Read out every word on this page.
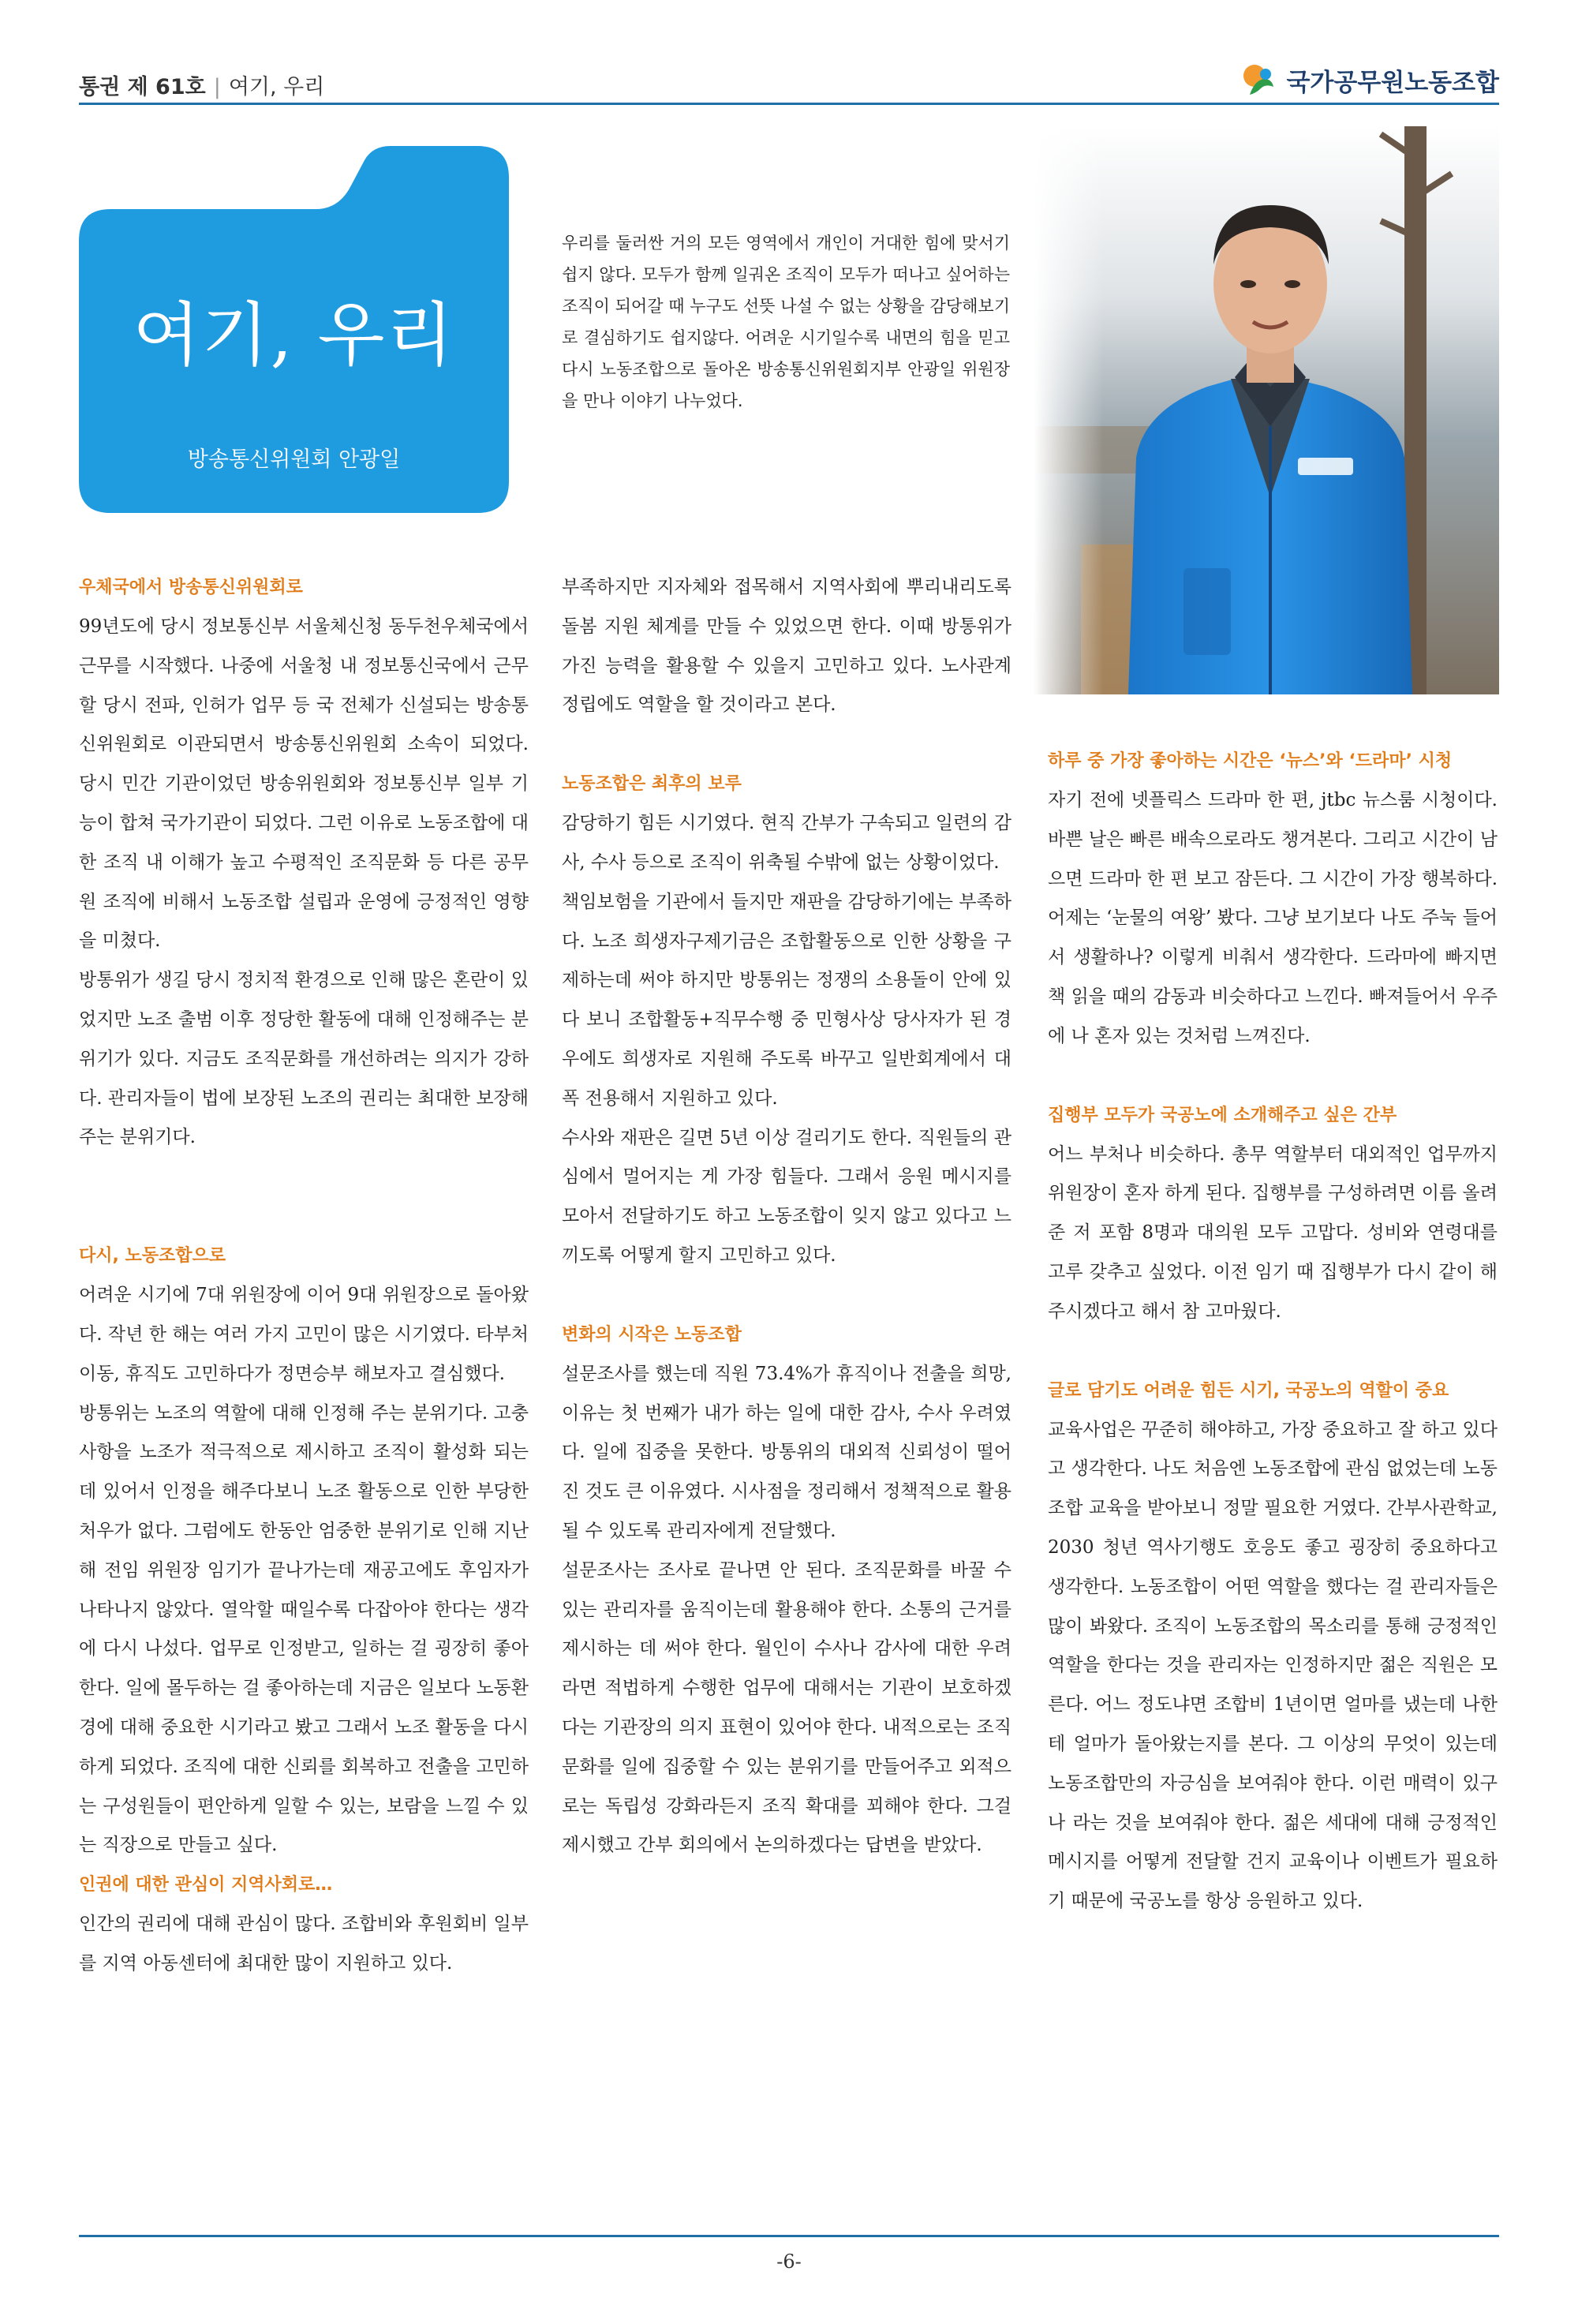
통권 제 61호 | 여기, 우리	국가공무원노동조합
여기, 우리
방송통신위원회 안광일
우리를 둘러싼 거의 모든 영역에서 개인이 거대한 힘에 맞서기 쉽지 않다. 모두가 함께 일궈온 조직이 모두가 떠나고 싶어하는 조직이 되어갈 때 누구도 선뜻 나설 수 없는 상황을 감당해보기로 결심하기도 쉽지않다. 어려운 시기일수록 내면의 힘을 믿고 다시 노동조합으로 돌아온 방송통신위원회지부 안광일 위원장을 만나 이야기 나누었다.
우체국에서 방송통신위원회로

99년도에 당시 정보통신부 서울체신청 동두천우체국에서 근무를 시작했다. 나중에 서울청 내 정보통신국에서 근무할 당시 전파, 인허가 업무 등 국 전체가 신설되는 방송통신위원회로 이관되면서 방송통신위원회 소속이 되었다. 당시 민간 기관이었던 방송위원회와 정보통신부 일부 기능이 합쳐 국가기관이 되었다. 그런 이유로 노동조합에 대한 조직 내 이해가 높고 수평적인 조직문화 등 다른 공무원 조직에 비해서 노동조합 설립과 운영에 긍정적인 영향을 미쳤다.

방통위가 생길 당시 정치적 환경으로 인해 많은 혼란이 있었지만 노조 출범 이후 정당한 활동에 대해 인정해주는 분위기가 있다. 지금도 조직문화를 개선하려는 의지가 강하다. 관리자들이 법에 보장된 노조의 권리는 최대한 보장해주는 분위기다.

다시, 노동조합으로

어려운 시기에 7대 위원장에 이어 9대 위원장으로 돌아왔다. 작년 한 해는 여러 가지 고민이 많은 시기였다. 타부처 이동, 휴직도 고민하다가 정면승부 해보자고 결심했다.

방통위는 노조의 역할에 대해 인정해 주는 분위기다. 고충사항을 노조가 적극적으로 제시하고 조직이 활성화 되는 데 있어서 인정을 해주다보니 노조 활동으로 인한 부당한 처우가 없다. 그럼에도 한동안 엄중한 분위기로 인해 지난해 전임 위원장 임기가 끝나가는데 재공고에도 후임자가 나타나지 않았다. 열악할 때일수록 다잡아야 한다는 생각에 다시 나섰다. 업무로 인정받고, 일하는 걸 굉장히 좋아한다. 일에 몰두하는 걸 좋아하는데 지금은 일보다 노동환경에 대해 중요한 시기라고 봤고 그래서 노조 활동을 다시 하게 되었다. 조직에 대한 신뢰를 회복하고 전출을 고민하는 구성원들이 편안하게 일할 수 있는, 보람을 느낄 수 있는 직장으로 만들고 싶다.

인권에 대한 관심이 지역사회로…

인간의 권리에 대해 관심이 많다. 조합비와 후원회비 일부를 지역 아동센터에 최대한 많이 지원하고 있다.

부족하지만 지자체와 접목해서 지역사회에 뿌리내리도록 돌봄 지원 체계를 만들 수 있었으면 한다. 이때 방통위가 가진 능력을 활용할 수 있을지 고민하고 있다. 노사관계 정립에도 역할을 할 것이라고 본다.

노동조합은 최후의 보루

감당하기 힘든 시기였다. 현직 간부가 구속되고 일련의 감사, 수사 등으로 조직이 위축될 수밖에 없는 상황이었다.

책임보험을 기관에서 들지만 재판을 감당하기에는 부족하다. 노조 희생자구제기금은 조합활동으로 인한 상황을 구제하는데 써야 하지만 방통위는 정쟁의 소용돌이 안에 있다 보니 조합활동+직무수행 중 민형사상 당사자가 된 경우에도 희생자로 지원해 주도록 바꾸고 일반회계에서 대폭 전용해서 지원하고 있다.

수사와 재판은 길면 5년 이상 걸리기도 한다. 직원들의 관심에서 멀어지는 게 가장 힘들다. 그래서 응원 메시지를 모아서 전달하기도 하고 노동조합이 잊지 않고 있다고 느끼도록 어떻게 할지 고민하고 있다.

변화의 시작은 노동조합

설문조사를 했는데 직원 73.4%가 휴직이나 전출을 희망, 이유는 첫 번째가 내가 하는 일에 대한 감사, 수사 우려였다. 일에 집중을 못한다. 방통위의 대외적 신뢰성이 떨어진 것도 큰 이유였다. 시사점을 정리해서 정책적으로 활용될 수 있도록 관리자에게 전달했다.

설문조사는 조사로 끝나면 안 된다. 조직문화를 바꿀 수 있는 관리자를 움직이는데 활용해야 한다. 소통의 근거를 제시하는 데 써야 한다. 월인이 수사나 감사에 대한 우려라면 적법하게 수행한 업무에 대해서는 기관이 보호하겠다는 기관장의 의지 표현이 있어야 한다. 내적으로는 조직문화를 일에 집중할 수 있는 분위기를 만들어주고 외적으로는 독립성 강화라든지 조직 확대를 꾀해야 한다. 그걸 제시했고 간부 회의에서 논의하겠다는 답변을 받았다.

하루 중 가장 좋아하는 시간은 ‘뉴스’와 ‘드라마’ 시청

자기 전에 넷플릭스 드라마 한 편, jtbc 뉴스룸 시청이다. 바쁜 날은 빠른 배속으로라도 챙겨본다. 그리고 시간이 남으면 드라마 한 편 보고 잠든다. 그 시간이 가장 행복하다. 어제는 ‘눈물의 여왕’ 봤다. 그냥 보기보다 나도 주눅 들어서 생활하나? 이렇게 비춰서 생각한다. 드라마에 빠지면 책 읽을 때의 감동과 비슷하다고 느낀다. 빠져들어서 우주에 나 혼자 있는 것처럼 느껴진다.

집행부 모두가 국공노에 소개해주고 싶은 간부

어느 부처나 비슷하다. 총무 역할부터 대외적인 업무까지 위원장이 혼자 하게 된다. 집행부를 구성하려면 이름 올려준 저 포함 8명과 대의원 모두 고맙다. 성비와 연령대를 고루 갖추고 싶었다. 이전 임기 때 집행부가 다시 같이 해주시겠다고 해서 참 고마웠다.

글로 담기도 어려운 힘든 시기, 국공노의 역할이 중요

교육사업은 꾸준히 해야하고, 가장 중요하고 잘 하고 있다고 생각한다. 나도 처음엔 노동조합에 관심 없었는데 노동조합 교육을 받아보니 정말 필요한 거였다. 간부사관학교, 2030 청년 역사기행도 호응도 좋고 굉장히 중요하다고 생각한다. 노동조합이 어떤 역할을 했다는 걸 관리자들은 많이 봐왔다. 조직이 노동조합의 목소리를 통해 긍정적인 역할을 한다는 것을 관리자는 인정하지만 젊은 직원은 모른다. 어느 정도냐면 조합비 1년이면 얼마를 냈는데 나한테 얼마가 돌아왔는지를 본다. 그 이상의 무엇이 있는데 노동조합만의 자긍심을 보여줘야 한다. 이런 매력이 있구나 라는 것을 보여줘야 한다. 젊은 세대에 대해 긍정적인 메시지를 어떻게 전달할 건지 교육이나 이벤트가 필요하기 때문에 국공노를 항상 응원하고 있다.

-6-
